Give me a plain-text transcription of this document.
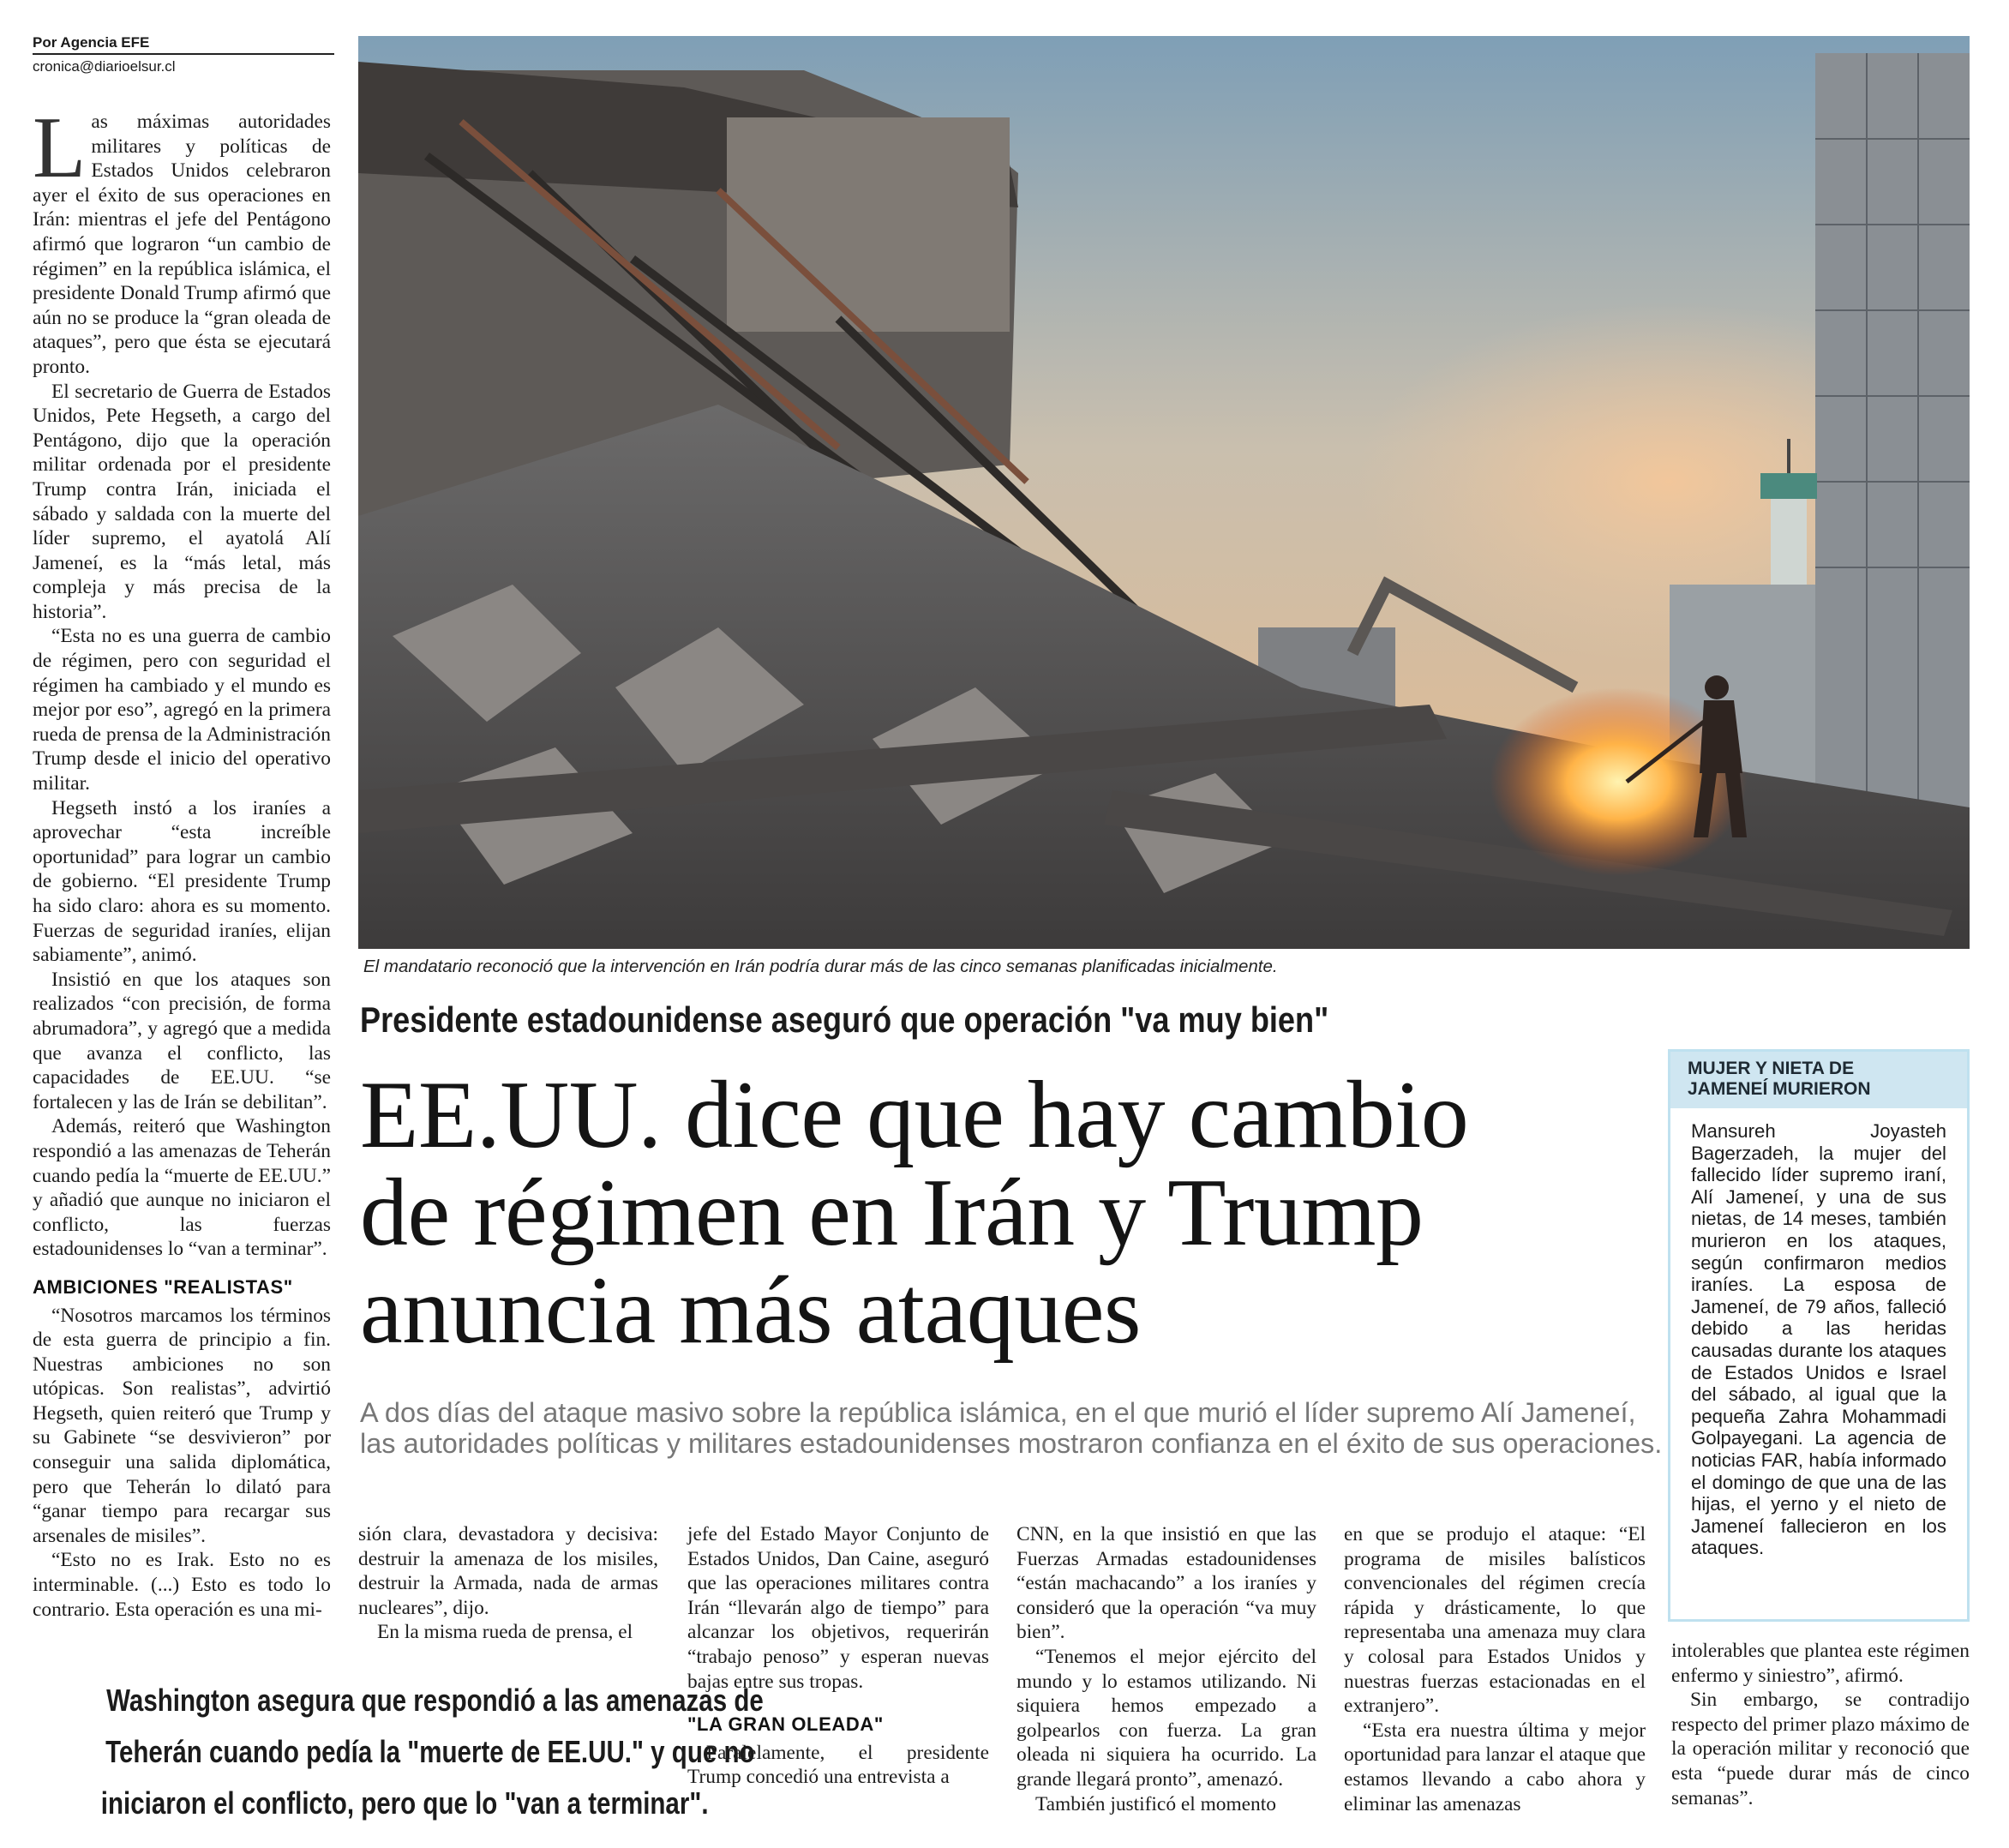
Por Agencia EFE
cronica@diarioelsur.cl

Las máximas autoridades militares y políticas de Estados Unidos celebraron ayer el éxito de sus operaciones en Irán: mientras el jefe del Pentágono afirmó que lograron “un cambio de régimen” en la república islámica, el presidente Donald Trump afirmó que aún no se produce la “gran oleada de ataques”, pero que ésta se ejecutará pronto.

El secretario de Guerra de Estados Unidos, Pete Hegseth, a cargo del Pentágono, dijo que la operación militar ordenada por el presidente Trump contra Irán, iniciada el sábado y saldada con la muerte del líder supremo, el ayatolá Alí Jameneí, es la “más letal, más compleja y más precisa de la historia”.

“Esta no es una guerra de cambio de régimen, pero con seguridad el régimen ha cambiado y el mundo es mejor por eso”, agregó en la primera rueda de prensa de la Administración Trump desde el inicio del operativo militar.

Hegseth instó a los iraníes a aprovechar “esta increíble oportunidad” para lograr un cambio de gobierno. “El presidente Trump ha sido claro: ahora es su momento. Fuerzas de seguridad iraníes, elijan sabiamente”, animó.

Insistió en que los ataques son realizados “con precisión, de forma abrumadora”, y agregó que a medida que avanza el conflicto, las capacidades de EE.UU. “se fortalecen y las de Irán se debilitan”.

Además, reiteró que Washington respondió a las amenazas de Teherán cuando pedía la “muerte de EE.UU.” y añadió que aunque no iniciaron el conflicto, las fuerzas estadounidenses lo “van a terminar”.

AMBICIONES "REALISTAS"

“Nosotros marcamos los términos de esta guerra de principio a fin. Nuestras ambiciones no son utópicas. Son realistas”, advirtió Hegseth, quien reiteró que Trump y su Gabinete “se desvivieron” por conseguir una salida diplomática, pero que Teherán lo dilató para “ganar tiempo para recargar sus arsenales de misiles”.

“Esto no es Irak. Esto no es interminable. (...) Esto es todo lo contrario. Esta operación es una mi-

El mandatario reconoció que la intervención en Irán podría durar más de las cinco semanas planificadas inicialmente.
Presidente estadounidense aseguró que operación "va muy bien"
EE.UU. dice que hay cambio
de régimen en Irán y Trump
anuncia más ataques
A dos días del ataque masivo sobre la república islámica, en el que murió el líder supremo Alí Jameneí, las autoridades políticas y militares estadounidenses mostraron confianza en el éxito de sus operaciones.
MUJER Y NIETA DE
JAMENEÍ MURIERON
Mansureh Joyasteh Bagerzadeh, la mujer del fallecido líder supremo iraní, Alí Jameneí, y una de sus nietas, de 14 meses, también murieron en los ataques, según confirmaron medios iraníes. La esposa de Jameneí, de 79 años, falleció debido a las heridas causadas durante los ataques de Estados Unidos e Israel del sábado, al igual que la pequeña Zahra Mohammadi Golpayegani. La agencia de noticias FAR, había informado el domingo de que una de las hijas, el yerno y el nieto de Jameneí fallecieron en los ataques.

sión clara, devastadora y decisiva: destruir la amenaza de los misiles, destruir la Armada, nada de armas nucleares”, dijo.

En la misma rueda de prensa, el

jefe del Estado Mayor Conjunto de Estados Unidos, Dan Caine, aseguró que las operaciones militares contra Irán “llevarán algo de tiempo” para alcanzar los objetivos, requerirán “trabajo penoso” y esperan nuevas bajas entre sus tropas.

"LA GRAN OLEADA"

Paralelamente, el presidente Trump concedió una entrevista a

CNN, en la que insistió en que las Fuerzas Armadas estadounidenses “están machacando” a los iraníes y consideró que la operación “va muy bien”.

“Tenemos el mejor ejército del mundo y lo estamos utilizando. Ni siquiera hemos empezado a golpearlos con fuerza. La gran oleada ni siquiera ha ocurrido. La grande llegará pronto”, amenazó.

También justificó el momento

en que se produjo el ataque: “El programa de misiles balísticos convencionales del régimen crecía rápida y drásticamente, lo que representaba una amenaza muy clara y colosal para Estados Unidos y nuestras fuerzas estacionadas en el extranjero”.

“Esta era nuestra última y mejor oportunidad para lanzar el ataque que estamos llevando a cabo ahora y eliminar las amenazas

intolerables que plantea este régimen enfermo y siniestro”, afirmó.

Sin embargo, se contradijo respecto del primer plazo máximo de la operación militar y reconoció que esta “puede durar más de cinco semanas”.

Washington asegura que respondió a las amenazas de
Teherán cuando pedía la "muerte de EE.UU." y que no
iniciaron el conflicto, pero que lo "van a terminar".
